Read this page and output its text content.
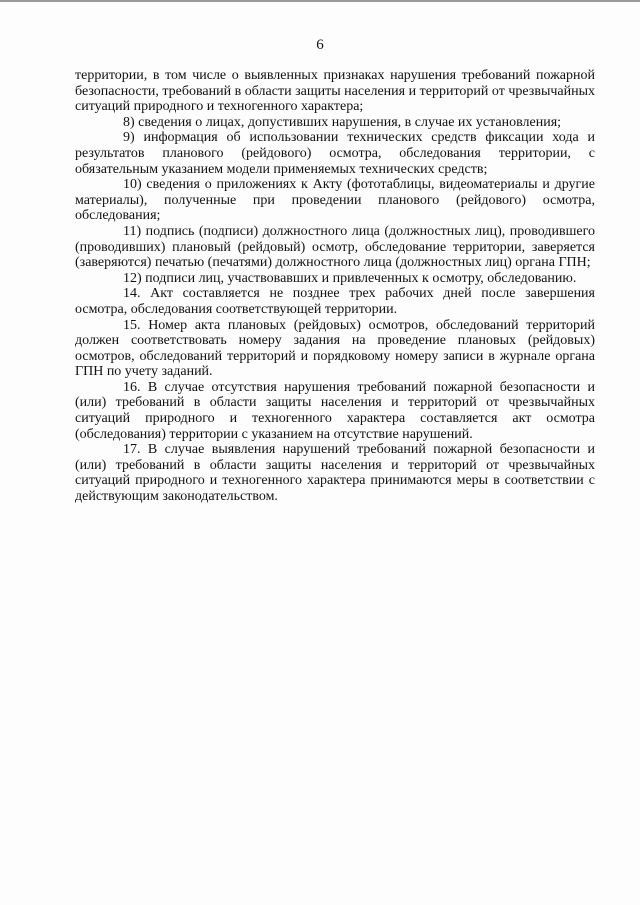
6

территории, в том числе о выявленных признаках нарушения требований пожарной безопасности, требований в области защиты населения и территорий от чрезвычайных ситуаций природного и техногенного характера;

8) сведения о лицах, допустивших нарушения, в случае их установления;

9) информация об использовании технических средств фиксации хода и результатов планового (рейдового) осмотра, обследования территории, с обязательным указанием модели применяемых технических средств;

10) сведения о приложениях к Акту (фототаблицы, видеоматериалы и другие материалы), полученные при проведении планового (рейдового) осмотра, обследования;

11) подпись (подписи) должностного лица (должностных лиц), проводившего (проводивших) плановый (рейдовый) осмотр, обследование территории, заверяется (заверяются) печатью (печатями) должностного лица (должностных лиц) органа ГПН;

12) подписи лиц, участвовавших и привлеченных к осмотру, обследованию.

14. Акт составляется не позднее трех рабочих дней после завершения осмотра, обследования соответствующей территории.

15. Номер акта плановых (рейдовых) осмотров, обследований территорий должен соответствовать номеру задания на проведение плановых (рейдовых) осмотров, обследований территорий и порядковому номеру записи в журнале органа ГПН по учету заданий.

16. В случае отсутствия нарушения требований пожарной безопасности и (или) требований в области защиты населения и территорий от чрезвычайных ситуаций природного и техногенного характера составляется акт осмотра (обследования) территории с указанием на отсутствие нарушений.

17. В случае выявления нарушений требований пожарной безопасности и (или) требований в области защиты населения и территорий от чрезвычайных ситуаций природного и техногенного характера принимаются меры в соответствии с действующим законодательством.
